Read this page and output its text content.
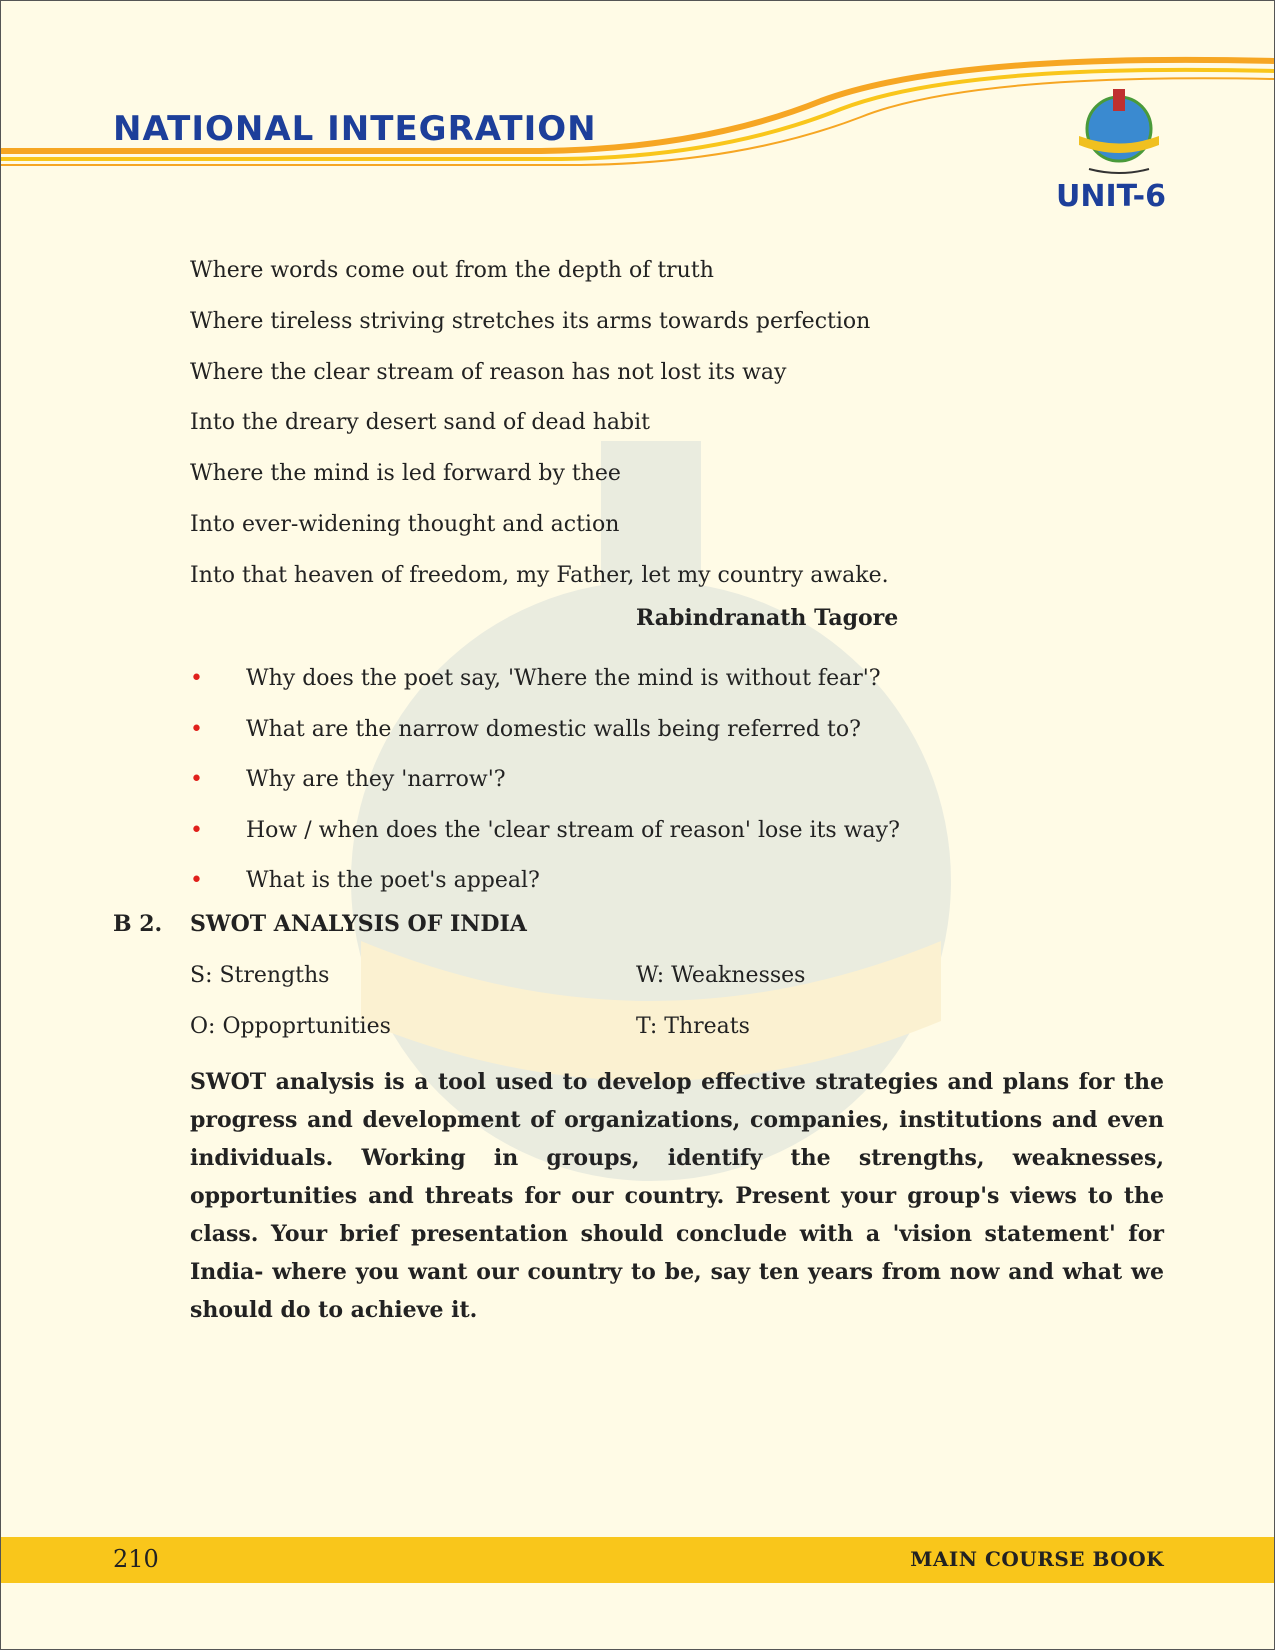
NATIONAL INTEGRATION
UNIT-6
Where words come out from the depth of truth
Where tireless striving stretches its arms towards perfection
Where the clear stream of reason has not lost its way
Into the dreary desert sand of dead habit
Where the mind is led forward by thee
Into ever-widening thought and action
Into that heaven of freedom, my Father, let my country awake.
Rabindranath Tagore
• Why does the poet say, 'Where the mind is without fear'?
• What are the narrow domestic walls being referred to?
• Why are they 'narrow'?
• How / when does the 'clear stream of reason' lose its way?
• What is the poet's appeal?
B 2. SWOT ANALYSIS OF INDIA
S: Strengths	W: Weaknesses
O: Oppoprtunities	T: Threats
SWOT analysis is a tool used to develop effective strategies and plans for the progress and development of organizations, companies, institutions and even individuals. Working in groups, identify the strengths, weaknesses, opportunities and threats for our country. Present your group's views to the class. Your brief presentation should conclude with a 'vision statement' for India- where you want our country to be, say ten years from now and what we should do to achieve it.
210	MAIN COURSE BOOK
